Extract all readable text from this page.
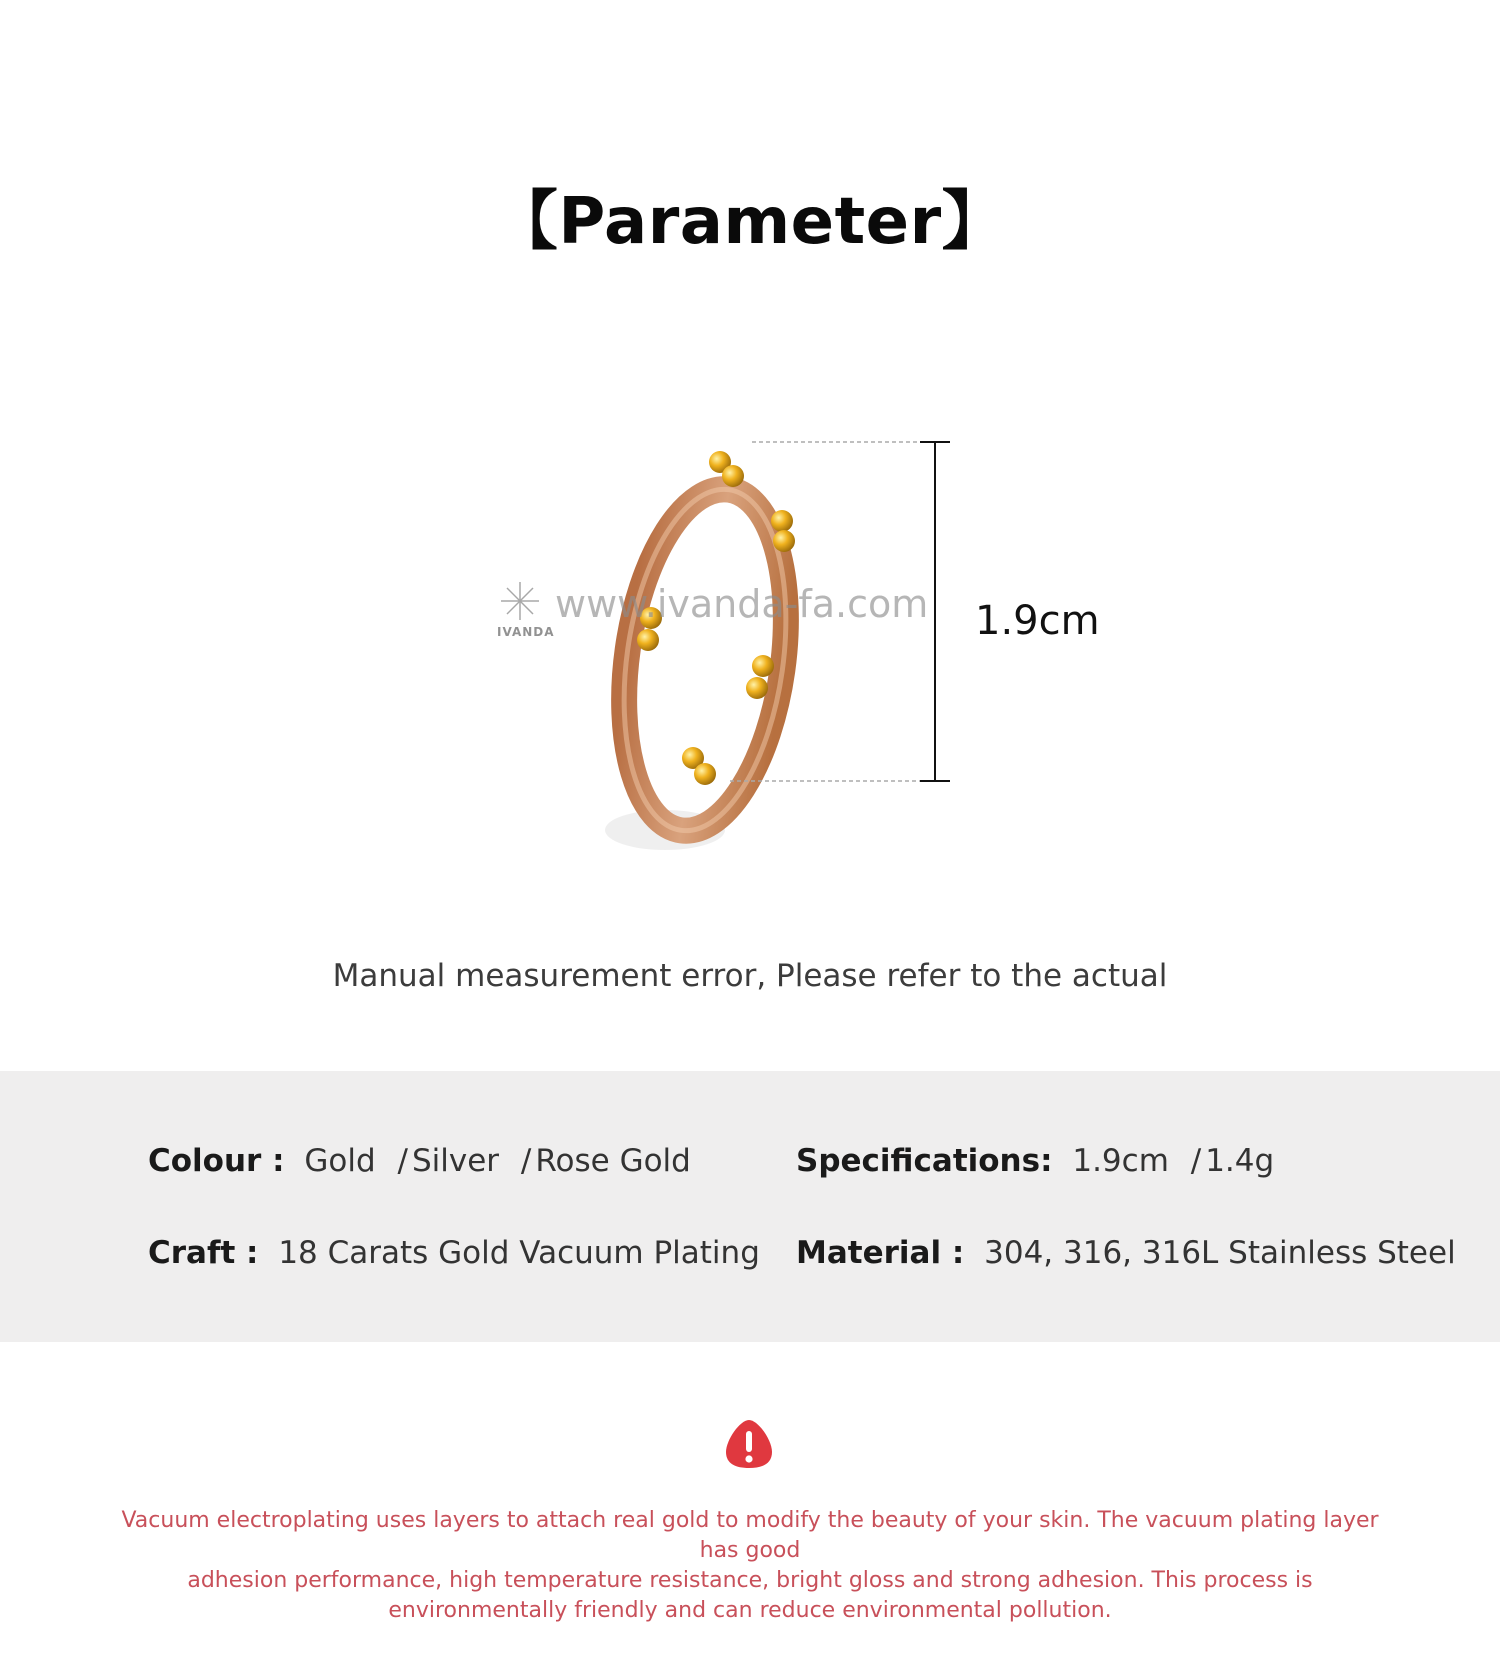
【Parameter】
IVANDA
www.ivanda-fa.com 1.9cm
Manual measurement error, Please refer to the actual
Colour : Gold / Silver / Rose Gold	Specifications: 1.9cm / 1.4g
Craft : 18 Carats Gold Vacuum Plating Material : 304, 316, 316L Stainless Steel
Vacuum electroplating uses layers to attach real gold to modify the beauty of your skin. The vacuum plating layer has good
adhesion performance, high temperature resistance, bright gloss and strong adhesion. This process is
environmentally friendly and can reduce environmental pollution.
